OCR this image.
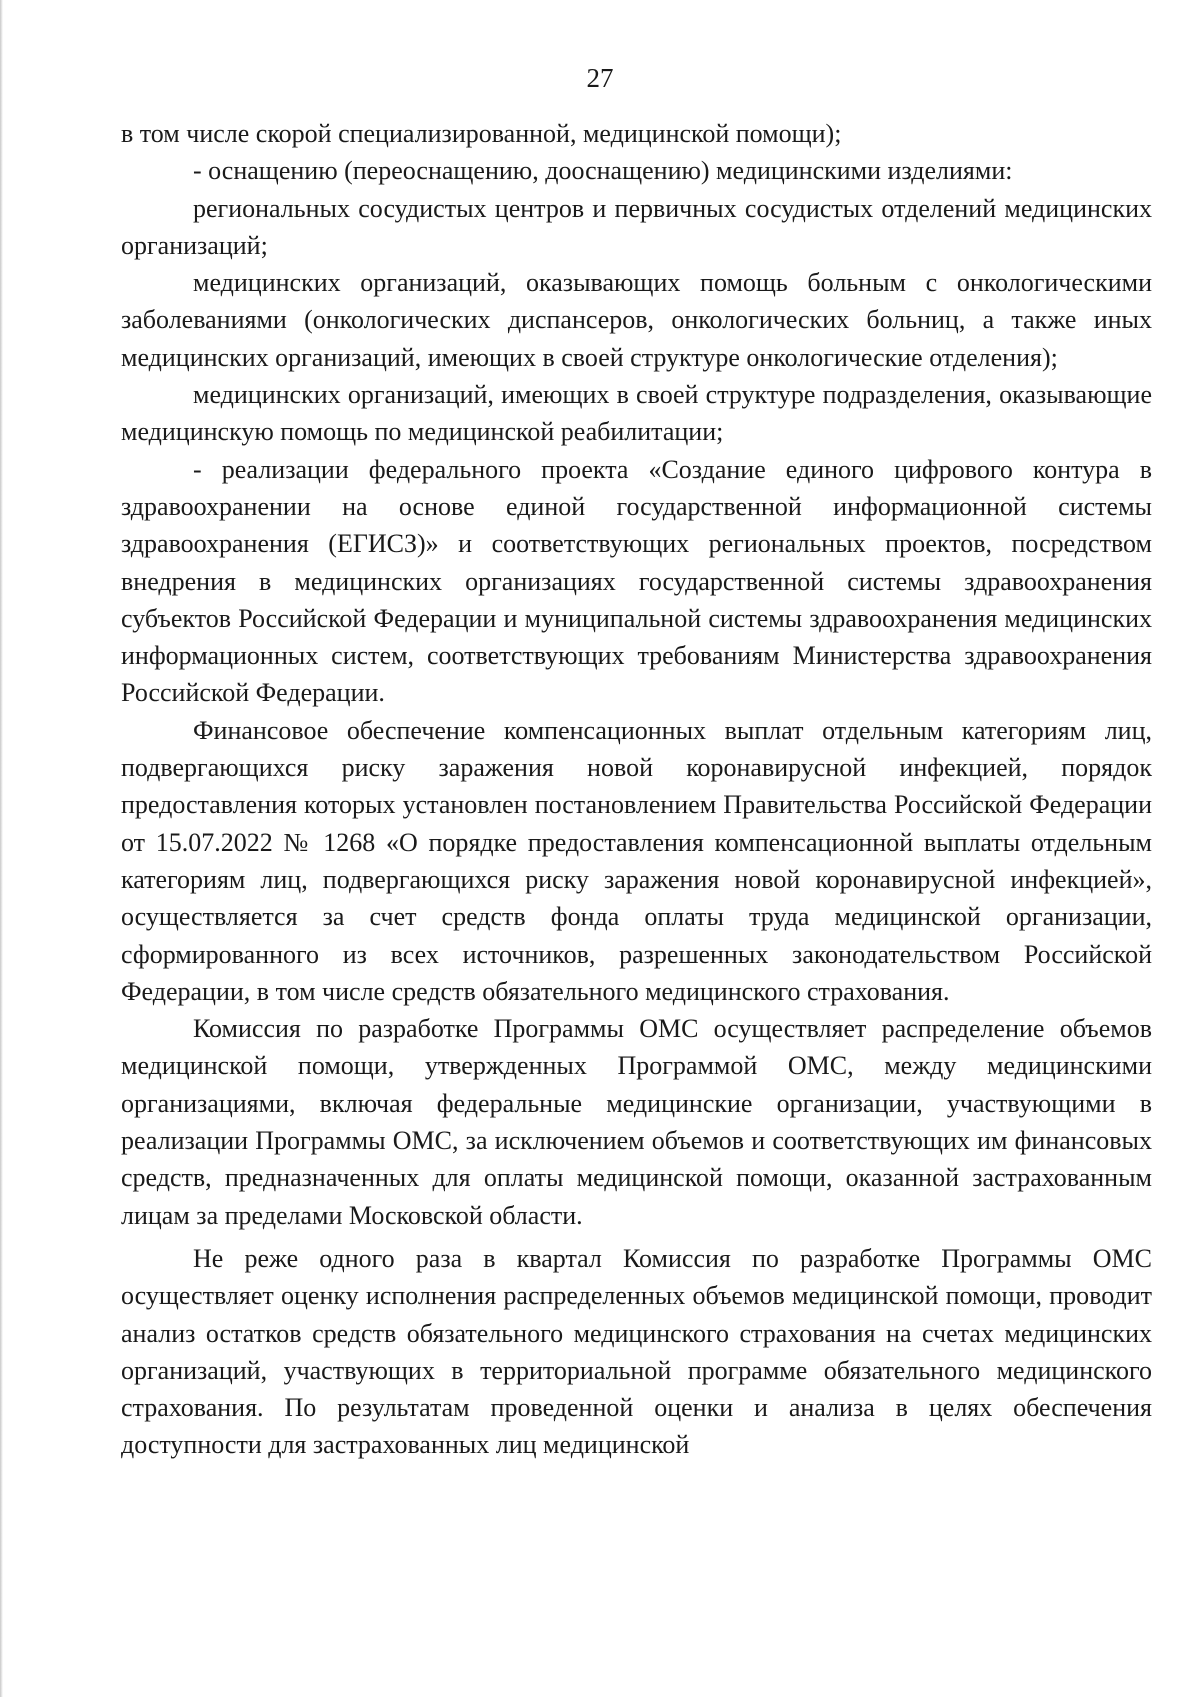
27

в том числе скорой специализированной, медицинской помощи);

- оснащению (переоснащению, дооснащению) медицинскими изделиями:

региональных сосудистых центров и первичных сосудистых отделений медицинских организаций;

медицинских организаций, оказывающих помощь больным с онкологическими заболеваниями (онкологических диспансеров, онкологических больниц, а также иных медицинских организаций, имеющих в своей структуре онкологические отделения);

медицинских организаций, имеющих в своей структуре подразделения, оказывающие медицинскую помощь по медицинской реабилитации;

- реализации федерального проекта «Создание единого цифрового контура в здравоохранении на основе единой государственной информационной системы здравоохранения (ЕГИСЗ)» и соответствующих региональных проектов, посредством внедрения в медицинских организациях государственной системы здравоохранения субъектов Российской Федерации и муниципальной системы здравоохранения медицинских информационных систем, соответствующих требованиям Министерства здравоохранения Российской Федерации.

Финансовое обеспечение компенсационных выплат отдельным категориям лиц, подвергающихся риску заражения новой коронавирусной инфекцией, порядок предоставления которых установлен постановлением Правительства Российской Федерации от 15.07.2022 № 1268 «О порядке предоставления компенсационной выплаты отдельным категориям лиц, подвергающихся риску заражения новой коронавирусной инфекцией», осуществляется за счет средств фонда оплаты труда медицинской организации, сформированного из всех источников, разрешенных законодательством Российской Федерации, в том числе средств обязательного медицинского страхования.

Комиссия по разработке Программы ОМС осуществляет распределение объемов медицинской помощи, утвержденных Программой ОМС, между медицинскими организациями, включая федеральные медицинские организации, участвующими в реализации Программы ОМС, за исключением объемов и соответствующих им финансовых средств, предназначенных для оплаты медицинской помощи, оказанной застрахованным лицам за пределами Московской области.

Не реже одного раза в квартал Комиссия по разработке Программы ОМС осуществляет оценку исполнения распределенных объемов медицинской помощи, проводит анализ остатков средств обязательного медицинского страхования на счетах медицинских организаций, участвующих в территориальной программе обязательного медицинского страхования. По результатам проведенной оценки и анализа в целях обеспечения доступности для застрахованных лиц медицинской
